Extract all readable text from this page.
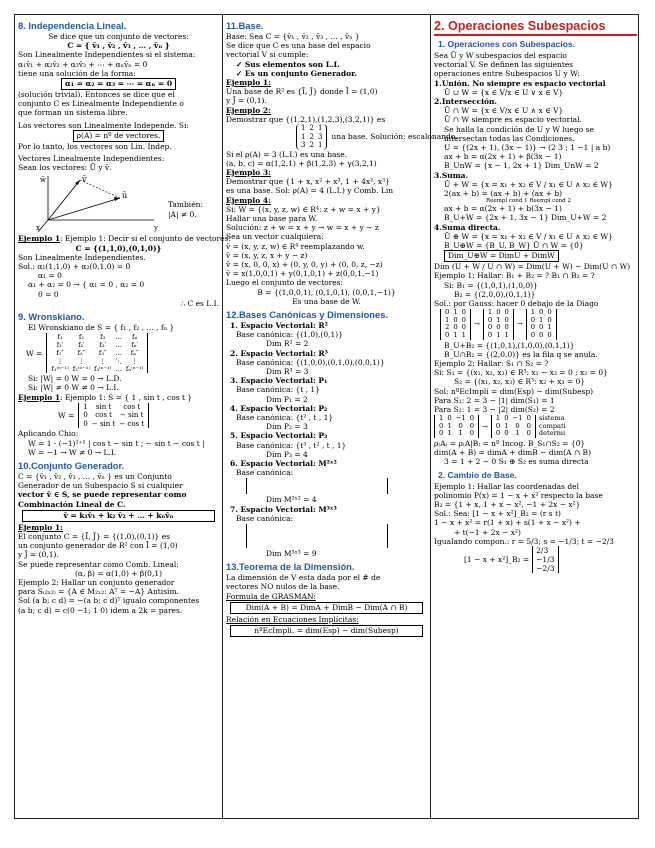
8. Independencia Lineal.

Se dice que un conjunto de vectores:

C = { v̄₁ , v̄₂ , v̄₃ , … , v̄ₙ }

Son Linealmente Independientes si el sistema:

α₁v̄₁ + α₂v̄₂ + α₃v̄₃ + ⋯ + αₙv̄ₙ = 0̄

tiene una solución de la forma:

α₁ = α₂ = α₃ = ⋯ = αₙ = 0

(solución trivial). Entonces se dice que el

conjunto C es Linealmente Independiente o

que forman un sistema libre.

Los vectores son Linealmente Independe. Si:

ρ(A) = nº de vectores.

Por lo tanto, los vectores son Lin. Indep.

Vectores Linealmente Independientes:

Sean los vectores: Ū y v̄.

v̄
ū
w̄
y
x

También:

|A| ≠ 0.

Ejemplo 1: Ejemplo 1: Decir si el conjunto de vectores:

C = {(1,1,0),(0,1,0)}

Son Linealmente Independientes.

Sol.: α₁(1,1,0) + α₂(0,1,0) = 0̄

α₁ = 0

α₁ + α₂ = 0 → { α₁ = 0 , α₂ = 0

0 = 0

∴ C es L.I.

9. Wronskiano.

El Wronskiano de S = { f₁ , f₂ , … , fₙ }

W =
f₁	f₂	f₃	…	fₙ
f₁′	f₂′	f₃′	…	fₙ′
f₁″	f₂″	f₃″	…	fₙ″
⋮	⋮	⋮	⋱	⋮
f₁⁽ⁿ⁻¹⁾	f₂⁽ⁿ⁻¹⁾	f₃⁽ⁿ⁻¹⁾	…	fₙ⁽ⁿ⁻¹⁾

Si: |W| = 0 W = 0 → L.D.

Si: |W| ≠ 0 W ≠ 0 → L.I.

Ejemplo 1: Ejemplo 1: S = { 1 , sin t , cos t }

W =
1	sin t	cos t
0	cos t	− sin t
0	− sin t	− cos t

Aplicando Chio:

W = 1 · (−1)¹⁺¹ | cos t − sin t ; − sin t − cos t |

W = −1 → W ≠ 0 → L.I.

10.Conjunto Generador.

C = {v̄₁ , v̄₂ , v̄₃ , … , v̄ₙ } es un Conjunto

Generador de un Subespacio S si cualquier

vector v̄ ∈ S, se puede representar como

Combinación Lineal de C.

v̄ = k₁v̄₁ + k₂ v̄₂ + … + kₙv̄ₙ

Ejemplo 1:

El conjunto C = {Ī, J̄} = {(1,0),(0,1)} es

un conjunto generador de R² con Ī = (1,0)

y J̄ = (0,1).

Se puede representar como Comb. Lineal:

(α, β) = α(1,0) + β(0,1)

Ejemplo 2: Hallar un conjunto generador

para S₍₂ₓ₂₎ = {A ∈ M₂ₓ₂: Aᵀ = −A} Antisim.

Sol (a b; c d) = −(a b; c d)ᵀ igualo componentes

(a b; c d) = c(0 −1; 1 0) idem a 2k = pares.

11.Base.

Base: Sea C = {v̄₁ , v̄₂ , v̄₃ , … , v̄ₙ }

Se dice que C es una base del espacio

vectorial V si cumple:

✓ Sus elementos son L.I.

✓ Es un conjunto Generador.

Ejemplo 1:

Una base de R² es {Ī, J̄} donde Ī = (1,0)

y J̄ = (0,1).

Ejemplo 2:

Demostrar que {(1,2,1),(1,2,3),(3,2,1)} es

una base. Solución: escalonando.
1	2	1
1	2	3
3	2	1

Si el ρ(A) = 3 (L.I.) es una base.

(a, b, c) = α(1,2,1) + β(1,2,3) + γ(3,2,1)

Ejemplo 3:

Demostrar que {1 + x, x² + x³, 1 + 4x², x³}

es una base. Sol: ρ(A) = 4 (L.I.) y Comb. Lin

Ejemplo 4:

Si: W = {(x, y, z, w) ∈ R⁴: z + w = x + y}

Hallar una base para W.

Solución: z + w = x + y → w = x + y − z

Sea un vector cualquiera:

v̄ = (x, y, z, w) ∈ R⁴ reemplazando w.

v̄ = (x, y, z, x + y − z)

v̄ = (x, 0, 0, x) + (0, y, 0, y) + (0, 0, z, −z)

v̄ = x(1,0,0,1) + y(0,1,0,1) + z(0,0,1,−1)

Luego el conjunto de vectores:

B = {(1,0,0,1), (0,1,0,1), (0,0,1,−1)}

Es una base de W.

12.Bases Canónicas y Dimensiones.

1. Espacio Vectorial: R²

Base canónica: {(1,0),(0,1)}

Dim R² = 2

2. Espacio Vectorial: R³

Base canónica: {(1,0,0),(0,1,0),(0,0,1)}

Dim R³ = 3

3. Espacio Vectorial: P₁

Base canónica: {t , 1}

Dim P₁ = 2

4. Espacio Vectorial: P₂

Base canónica: {t² , t , 1}

Dim P₂ = 3

5. Espacio Vectorial: P₃

Base canónica: {t³ , t² , t , 1}

Dim P₃ = 4

6. Espacio Vectorial: M²ˣ²

Base canónica:

Dim M²ˣ² = 4

7. Espacio Vectorial: M³ˣ³

Base canónica:

Dim M³ˣ³ = 9

13.Teorema de la Dimensión.

La dimensión de V esta dada por el # de

vectores NO nulos de la base.

Formula de GRASMAN:

Dim(A + B) = DimA + DimB − Dim(A ∩ B)

Relación en Ecuaciones Implícitas:

nºEcImpli. = dim(Esp) − dim(Subesp)
2. Operaciones Subespacios
1. Operaciones con Subespacios.

Sea Ū y W subespacios del espacio

vectorial V. Se definen las siguientes

operaciones entre Subespacios U y W:

1.Unión. No siempre es espacio vectorial

Ū ∪ W = {x ∈ V/x ∈ U ∨ x ∈ V}

2.Intersección.

Ū ∩ W = {x ∈ V/x ∈ U ∧ x ∈ V}

Ū ∩ W siempre es espacio vectorial.

Se halla la condición de U y W luego se

intersectan todas las Condiciones.

U = {(2x + 1), (3x − 1)} → (2 3 ; 1 −1 | a b)

ax + b = α(2x + 1) + β(3x − 1)

B_UnW = {x − 1, 2x + 1} Dim_UnW = 2

3.Suma.

Ū + W = {x = x₁ + x₂ ∈ V / x₁ ∈ U ∧ x₂ ∈ W}

2(ax + b) = (ax + b) + (ax + b)

Reempl cond 1 Reempl cond 2

ax + b = α(2x + 1) + b(3x − 1)

B_U+W = {2x + 1, 3x − 1} Dim_U+W = 2

4.Suma directa.

Ū ⊕ W = {x = x₁ + x₂ ∈ V / x₁ ∈ U ∧ x₂ ∈ W}

B_U⊕W = {B_U, B_W} Ū ∩ W = {0̄}

Dim_U⊕W = DimU + DimW

Dim (U + W / U ∩ W) = Dim(U + W) − Dim(U ∩ W)

Ejemplo 1: Hallar: B₁ + B₂ = ? B₁ ∩ B₂ = ?

Si: B₁ = {(1,0,1),(1,0,0)}

B₂ = {(2,0,0),(0,1,1)}

Sol.: por Gauss: hacer 0 debajo de la Diago

0	1	0
1	0	0
2	0	0
0	1	1
→
1	0	0
0	1	0
0	0	0
0	1	1
→
1	0	0
0	1	0
0	0	1
0	0	0

B_U+B₂ = {(1,0,1),(1,0,0),(0,1,1)}

B_U∩B₂ = {(2,0,0)} es la fila q se anula.

Ejemplo 2: Hallar: S₁ ∩ S₂ = ?

Si: S₁ = {(x₁, x₂, x₃) ∈ R³: x₁ − x₃ = 0 ; x₂ = 0}

S₂ = {(x₁, x₂, x₃) ∈ R³: x₂ + x₃ = 0}

Sol: nºEcImpli = dim(Esp) − dim(Subesp)

Para S₁: 2 = 3 − |1| dim(S₁) = 1

Para S₂: 1 = 3 − |2| dim(S₂) = 2

1	0	−1	0
0	1	0	0
0	1	1	0
→
1	0	−1	0
0	1	0	0
0	0	1	0
sistema compati determi

ρ₍A₎ = ρ₍A|B₎ = nº Incog. B_S₁∩S₂ = {0̄}

dim(A + B) = dimA + dimB − dim(A ∩ B)

3 = 1 + 2 − 0 S₁ ⊕ S₂ es suma directa

2. Cambio de Base.

Ejemplo 1: Hallar las coordenadas del

polinomio P(x) = 1 − x + x² respecto la base

B₂ = {1 + x, 1 + x − x², −1 + 2x − x²}

Sol.: Sea: [1 − x + x²]_B₂ = (r s t)

1 − x + x² = r(1 + x) + s(1 + x − x²) +

+ t(−1 + 2x − x²)

Igualando compon.: r = 5/3; s = −1/3; t = −2/3

[1 − x + x²]_B₂ =
2/3
−1/3
−2/3
